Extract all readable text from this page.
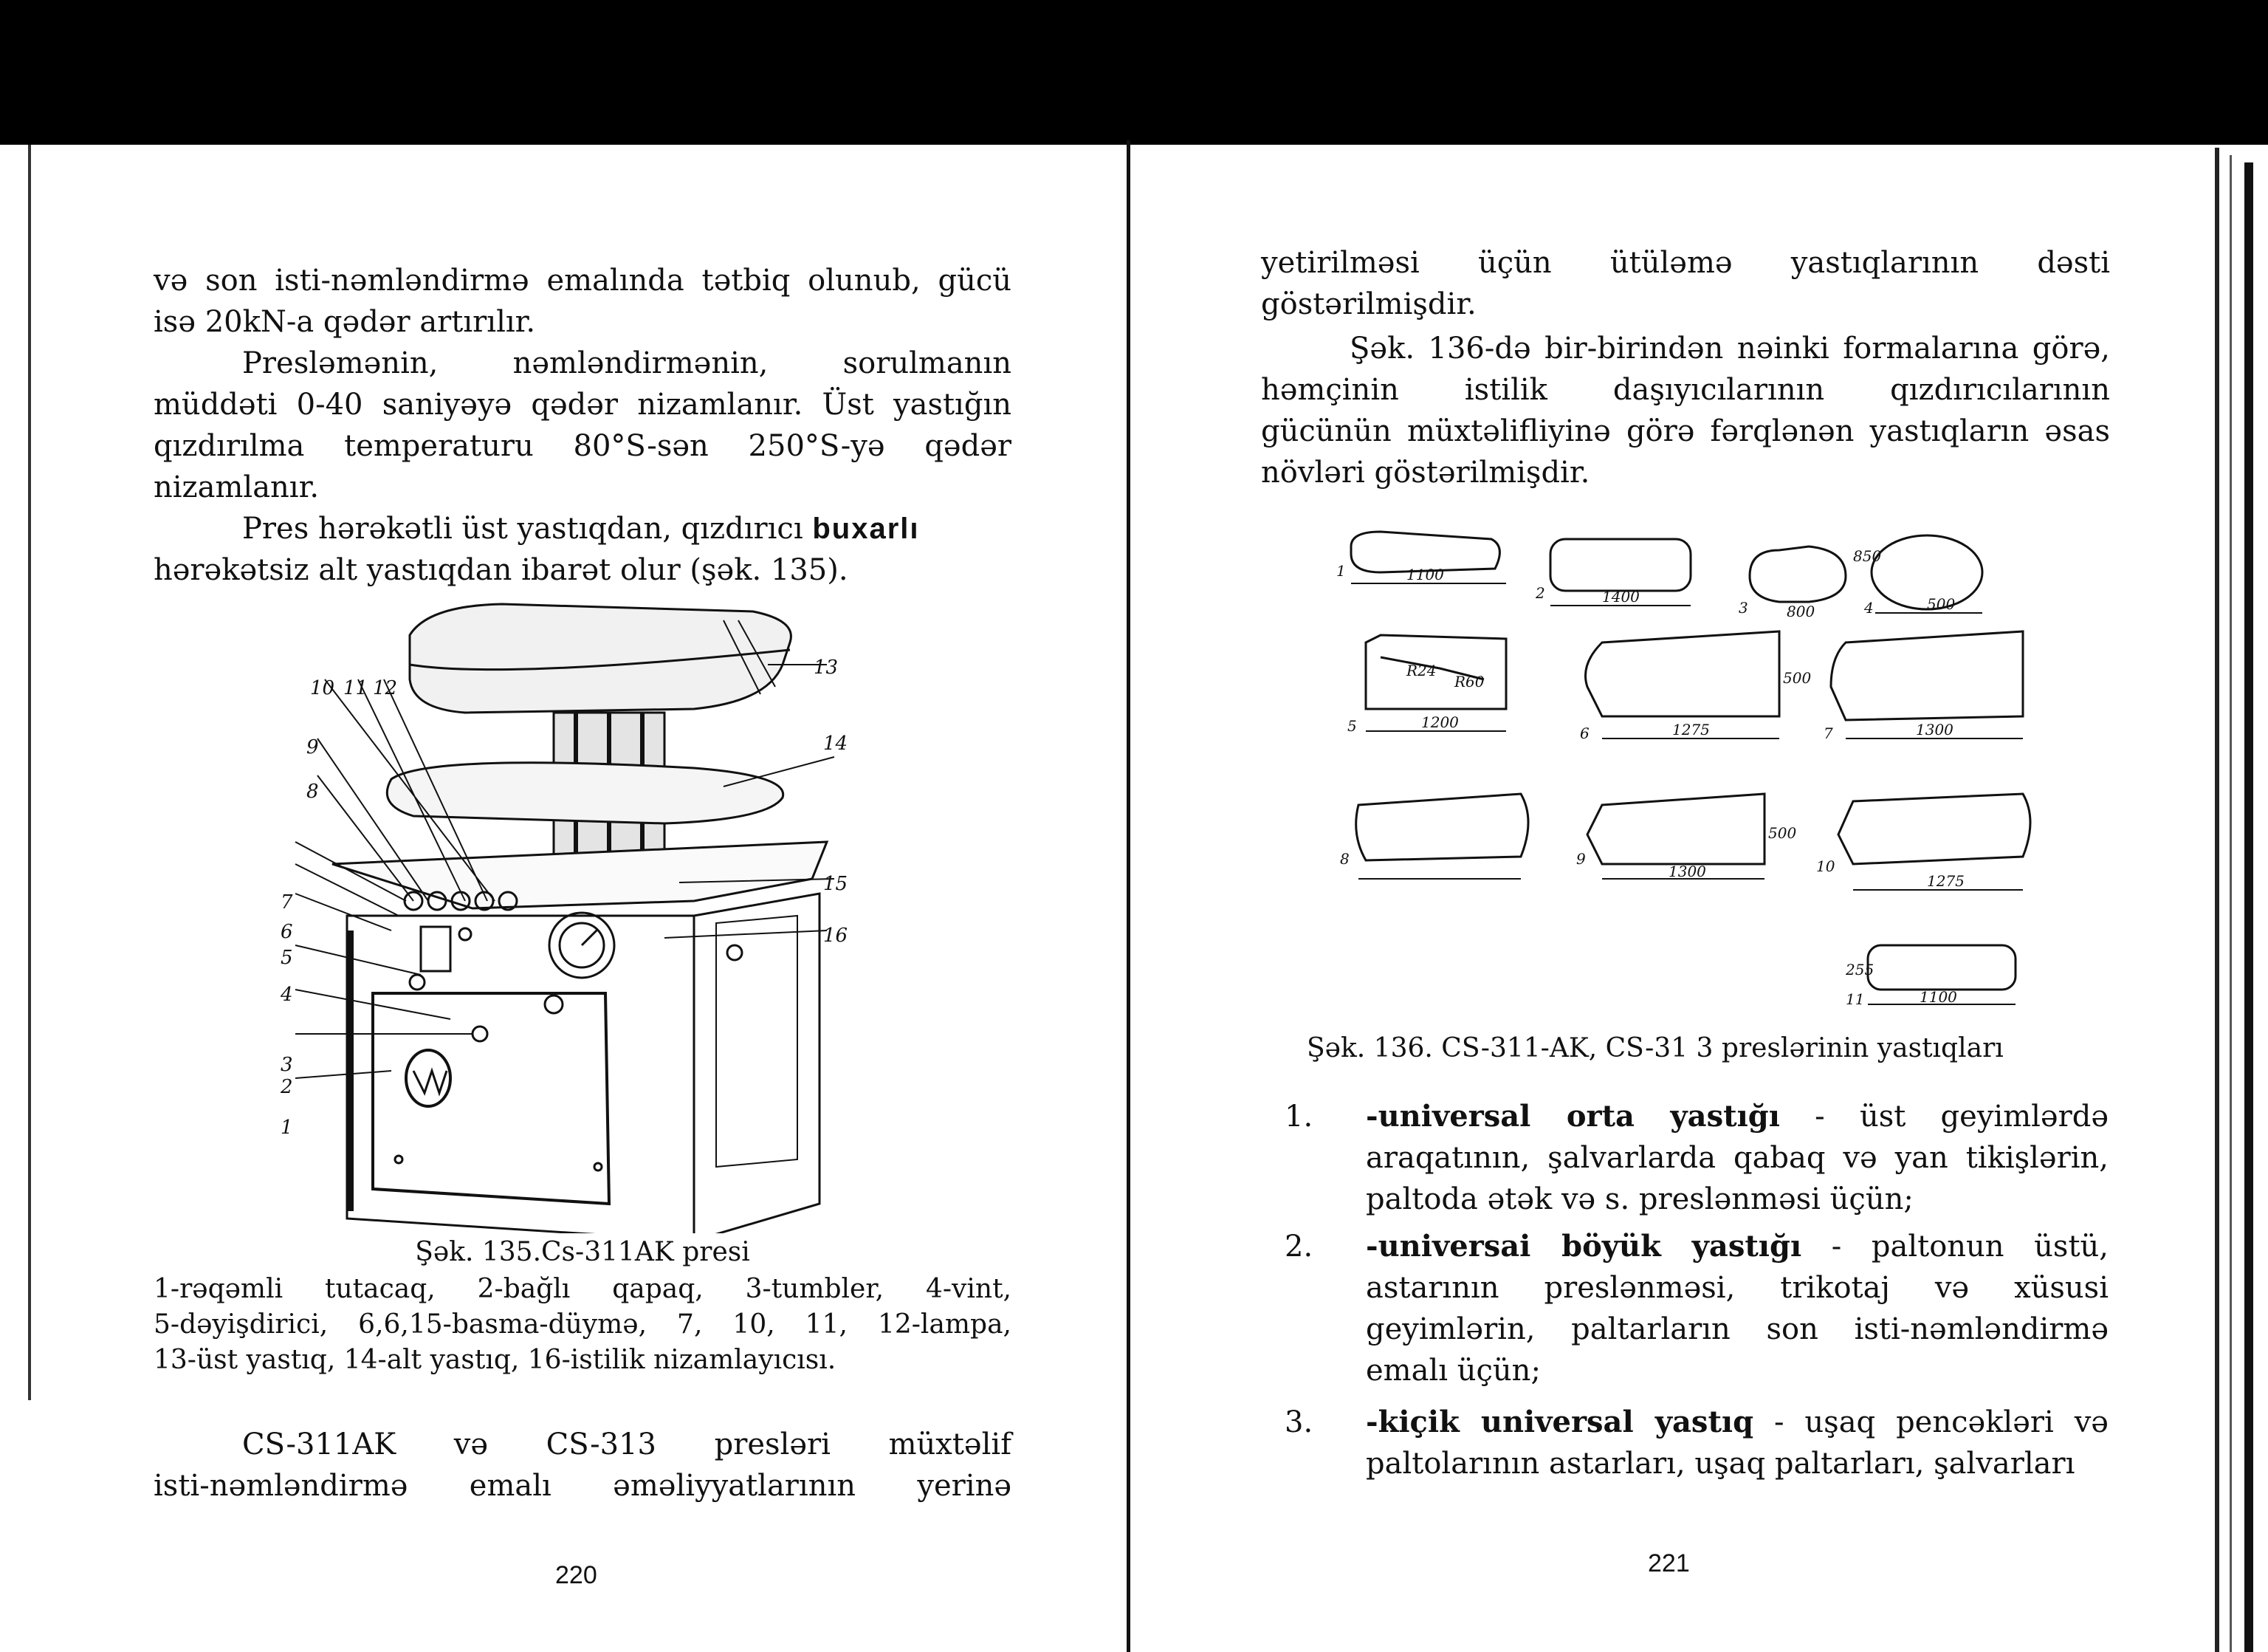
və son isti-nəmləndirmə emalında tətbiq olunub, gücü
isə 20kN-a qədər artırılır.
Presləmənin, nəmləndirmənin, sorulmanın
müddəti 0-40 saniyəyə qədər nizamlanır. Üst yastığın
qızdırılma temperaturu 80°S-sən 250°S-yə qədər
nizamlanır.
Pres hərəkətli üst yastıqdan, qızdırıcı buxarlı
hərəkətsiz alt yastıqdan ibarət olur (şək. 135).
10 11 12
9
8
7
6
5
4
3
2
1
13
14
15
16
Şək. 135.Cs-311AK presi
1-rəqəmli tutacaq, 2-bağlı qapaq, 3-tumbler, 4-vint,
5-dəyişdirici, 6,6,15-basma-düymə, 7, 10, 11, 12-lampa,
13-üst yastıq, 14-alt yastıq, 16-istilik nizamlayıcısı.
CS-311AK və CS-313 presləri müxtəlif
isti-nəmləndirmə emalı əməliyyatlarının yerinə
220
yetirilməsi üçün ütüləmə yastıqlarının dəsti
göstərilmişdir.
Şək. 136-də bir-birindən nəinki formalarına görə,
həmçinin istilik daşıyıcılarının qızdırıcılarının
gücünün müxtəlifliyinə görə fərqlənən yastıqların əsas
növləri göstərilmişdir.
1
2
3	4
5	6	7
8	9	10
11
1100
1400
800	500
1200	1275	1300
500
1300
1275
1100
500
255
850
R24
R60
Şək. 136. CS-311-AK, CS-31 3 preslərinin yastıqları
1. -universal orta yastığı - üst geyimlərdə
araqatının, şalvarlarda qabaq və yan tikişlərin,
paltoda ətək və s. preslənməsi üçün;
2. -universai böyük yastığı - paltonun üstü,
astarının preslənməsi, trikotaj və xüsusi
geyimlərin, paltarların son isti-nəmləndirmə
emalı üçün;
3. -kiçik universal yastıq - uşaq pencəkləri və
paltolarının astarları, uşaq paltarları, şalvarları
221
